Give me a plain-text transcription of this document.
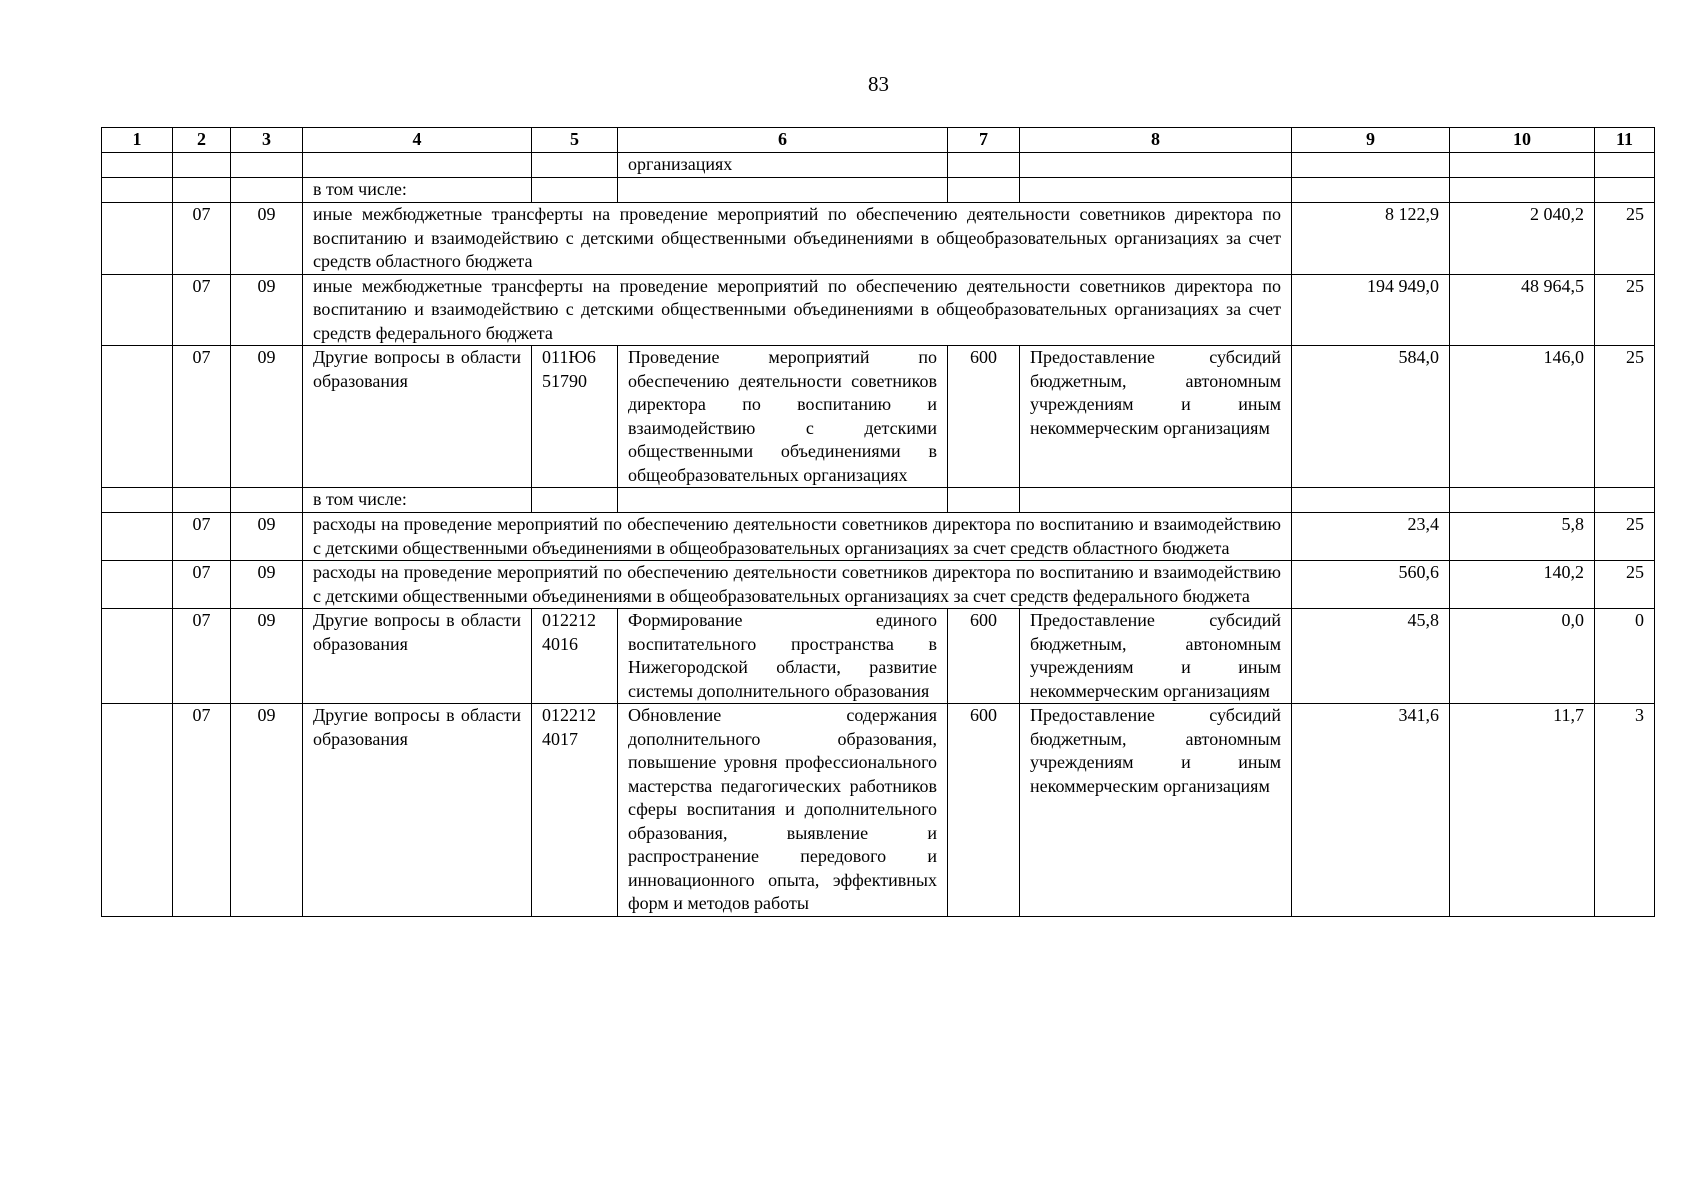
83
1	2	3	4	5	6	7	8	9	10	11
					организациях					
			в том числе:							
	07	09	иные межбюджетные трансферты на проведение мероприятий по обеспечению деятельности советников директора по воспитанию и взаимодействию с детскими общественными объединениями в общеобразовательных организациях за счет средств областного бюджета					8 122,9	2 040,2	25
	07	09	иные межбюджетные трансферты на проведение мероприятий по обеспечению деятельности советников директора по воспитанию и взаимодействию с детскими общественными объединениями в общеобразовательных организациях за счет средств федерального бюджета					194 949,0	48 964,5	25
	07	09	Другие вопросы в области образования	011Ю6 51790	Проведение мероприятий по обеспечению деятельности советников директора по воспитанию и взаимодействию с детскими общественными объединениями в общеобразовательных организациях	600	Предоставление субсидий бюджетным, автономным учреждениям и иным некоммерческим организациям	584,0	146,0	25
			в том числе:							
	07	09	расходы на проведение мероприятий по обеспечению деятельности советников директора по воспитанию и взаимодействию с детскими общественными объединениями в общеобразовательных организациях за счет средств областного бюджета					23,4	5,8	25
	07	09	расходы на проведение мероприятий по обеспечению деятельности советников директора по воспитанию и взаимодействию с детскими общественными объединениями в общеобразовательных организациях за счет средств федерального бюджета					560,6	140,2	25
	07	09	Другие вопросы в области образования	012212 4016	Формирование единого воспитательного пространства в Нижегородской области, развитие системы дополнительного образования	600	Предоставление субсидий бюджетным, автономным учреждениям и иным некоммерческим организациям	45,8	0,0	0
	07	09	Другие вопросы в области образования	012212 4017	Обновление содержания дополнительного образования, повышение уровня профессионального мастерства педагогических работников сферы воспитания и дополнительного образования, выявление и распространение передового и инновационного опыта, эффективных форм и методов работы	600	Предоставление субсидий бюджетным, автономным учреждениям и иным некоммерческим организациям	341,6	11,7	3
